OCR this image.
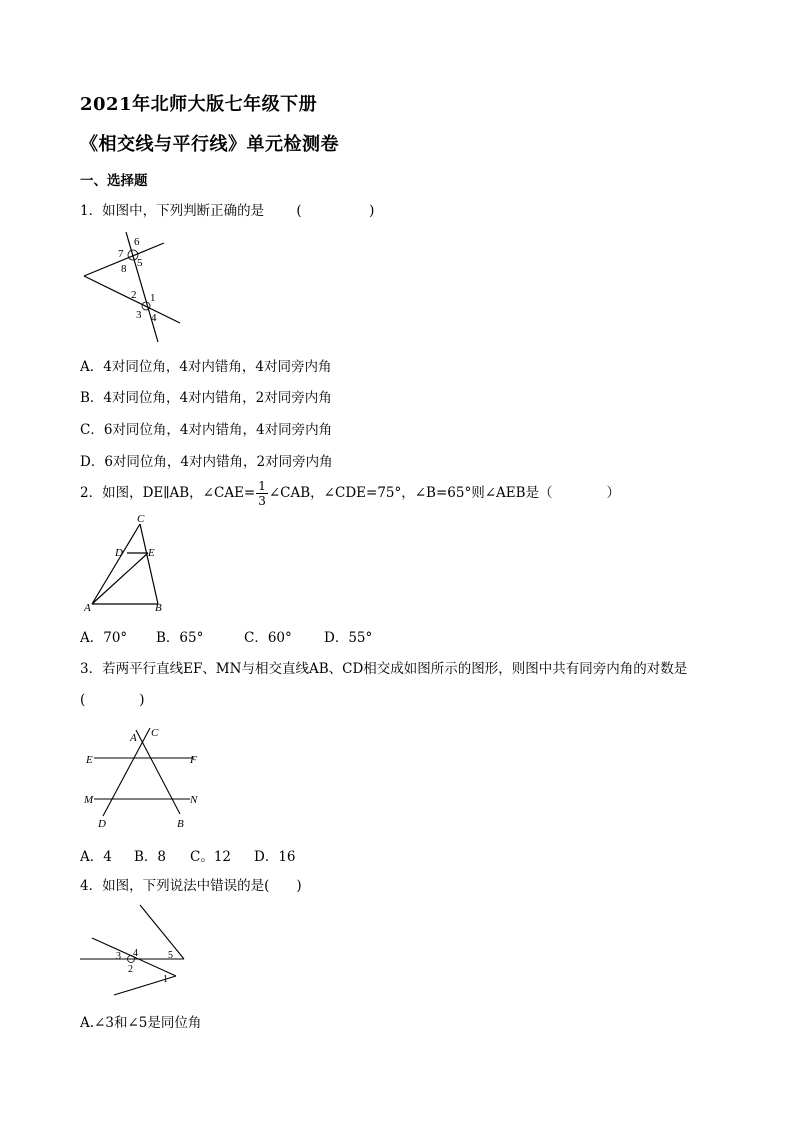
2021年北师大版七年级下册
《相交线与平行线》单元检测卷
一、选择题
1．如图中，下列判断正确的是 (　　　　　)
6
7
8 5
2 1
3 4
A．4对同位角，4对内错角，4对同旁内角
B．4对同位角，4对内错角，2对同旁内角
C．6对同位角，4对内错角，4对同旁内角
D．6对同位角，4对内错角，2对同旁内角
2．如图，DE∥AB，∠CAE= $\frac{1}{3}$ ∠CAB，∠CDE=75°，∠B=65°则∠AEB是（　　　　）
C
D E
A	B
A．70° B．65°	C．60° D．55°
3．若两平行直线EF、MN与相交直线AB、CD相交成如图所示的图形，则图中共有同旁内角的对数是
(　　　　)
A C
E	F
M	N
D	B
A．4 B．8 C。12 D．16
4．如图，下列说法中错误的是(　　)
3 4
2
5
1
A.∠3和∠5是同位角
